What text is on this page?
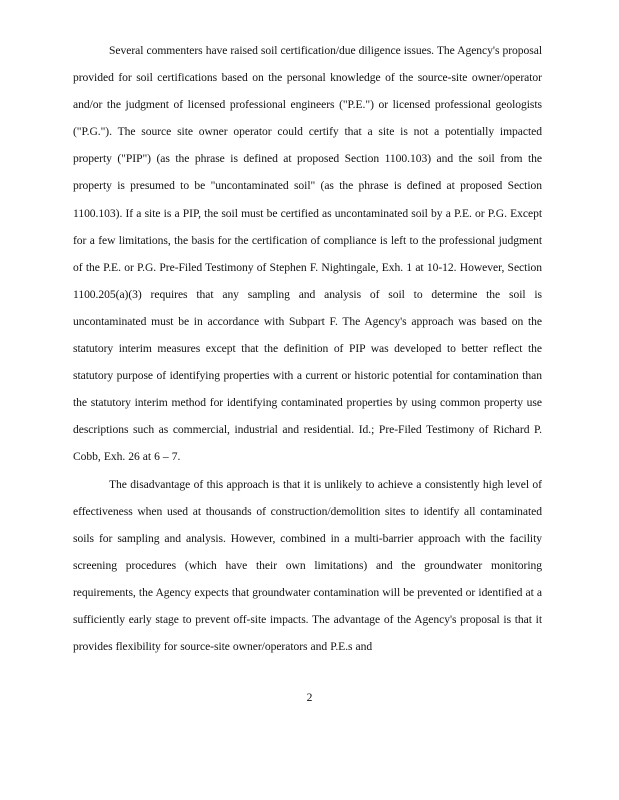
Several commenters have raised soil certification/due diligence issues. The Agency's proposal provided for soil certifications based on the personal knowledge of the source-site owner/operator and/or the judgment of licensed professional engineers ("P.E.") or licensed professional geologists ("P.G."). The source site owner operator could certify that a site is not a potentially impacted property ("PIP") (as the phrase is defined at proposed Section 1100.103) and the soil from the property is presumed to be "uncontaminated soil" (as the phrase is defined at proposed Section 1100.103). If a site is a PIP, the soil must be certified as uncontaminated soil by a P.E. or P.G. Except for a few limitations, the basis for the certification of compliance is left to the professional judgment of the P.E. or P.G. Pre-Filed Testimony of Stephen F. Nightingale, Exh. 1 at 10-12. However, Section 1100.205(a)(3) requires that any sampling and analysis of soil to determine the soil is uncontaminated must be in accordance with Subpart F. The Agency's approach was based on the statutory interim measures except that the definition of PIP was developed to better reflect the statutory purpose of identifying properties with a current or historic potential for contamination than the statutory interim method for identifying contaminated properties by using common property use descriptions such as commercial, industrial and residential. Id.; Pre-Filed Testimony of Richard P. Cobb, Exh. 26 at 6 – 7.

The disadvantage of this approach is that it is unlikely to achieve a consistently high level of effectiveness when used at thousands of construction/demolition sites to identify all contaminated soils for sampling and analysis. However, combined in a multi-barrier approach with the facility screening procedures (which have their own limitations) and the groundwater monitoring requirements, the Agency expects that groundwater contamination will be prevented or identified at a sufficiently early stage to prevent off-site impacts. The advantage of the Agency's proposal is that it provides flexibility for source-site owner/operators and P.E.s and

2
